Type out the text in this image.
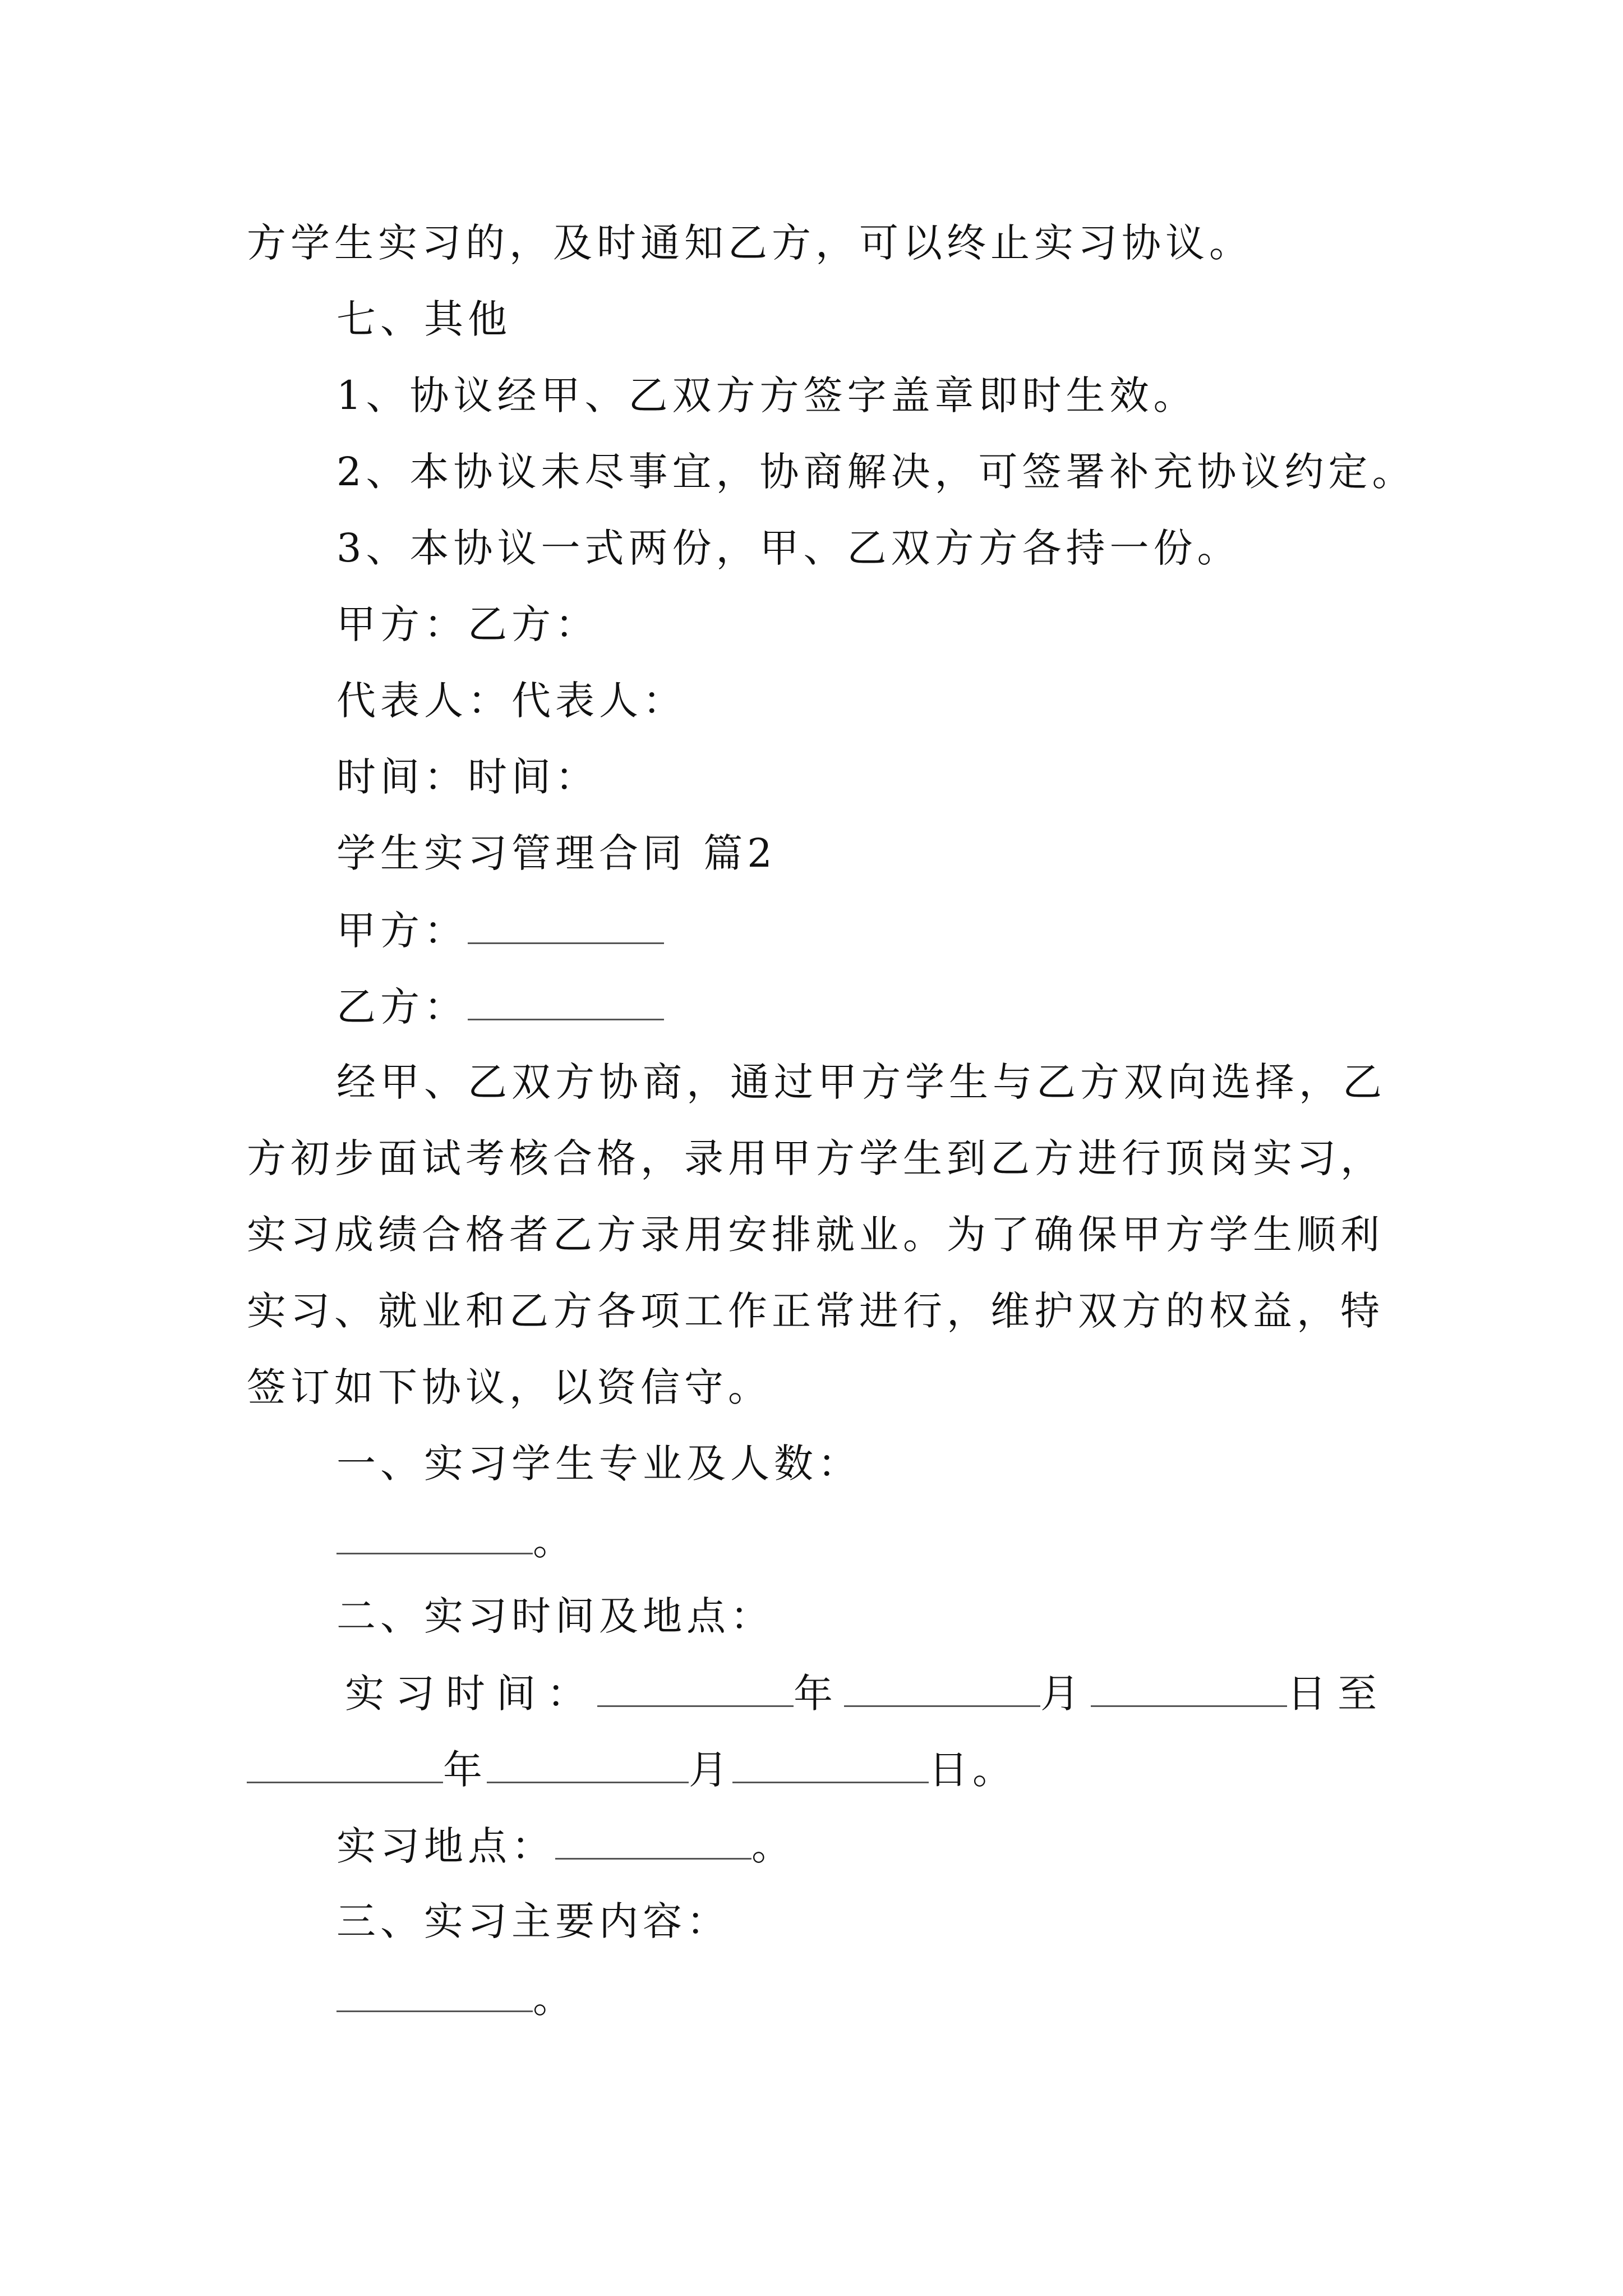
方学生实习的，及时通知乙方，可以终止实习协议。
七、其他
1、协议经甲、乙双方方签字盖章即时生效。
2、本协议未尽事宜，协商解决，可签署补充协议约定。
3、本协议一式两份，甲、乙双方方各持一份。
甲方：乙方：
代表人：代表人：
时间：时间：
学生实习管理合同 篇2
甲方：
乙方：
经甲、乙双方协商，通过甲方学生与乙方双向选择，乙
方初步面试考核合格，录用甲方学生到乙方进行顶岗实习，
实习成绩合格者乙方录用安排就业。为了确保甲方学生顺利
实习、就业和乙方各项工作正常进行，维护双方的权益，特
签订如下协议，以资信守。
一、实习学生专业及人数：
。
二、实习时间及地点：
实习时间：	年	月	日至
年	月	日。
实习地点：	。
三、实习主要内容：
。
